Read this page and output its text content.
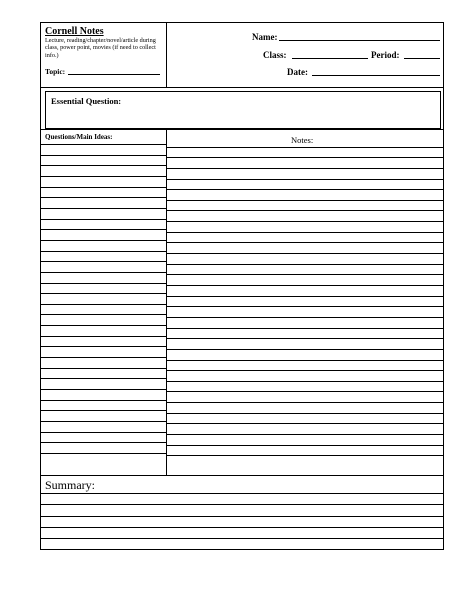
Cornell Notes
Lecture, reading/chapter/novel/article during class, power point, movies (if need to collect info.)
Topic:
Name:
Class:	Period:
Date:
Essential Question:
Questions/Main Ideas:	Notes:
Summary:
